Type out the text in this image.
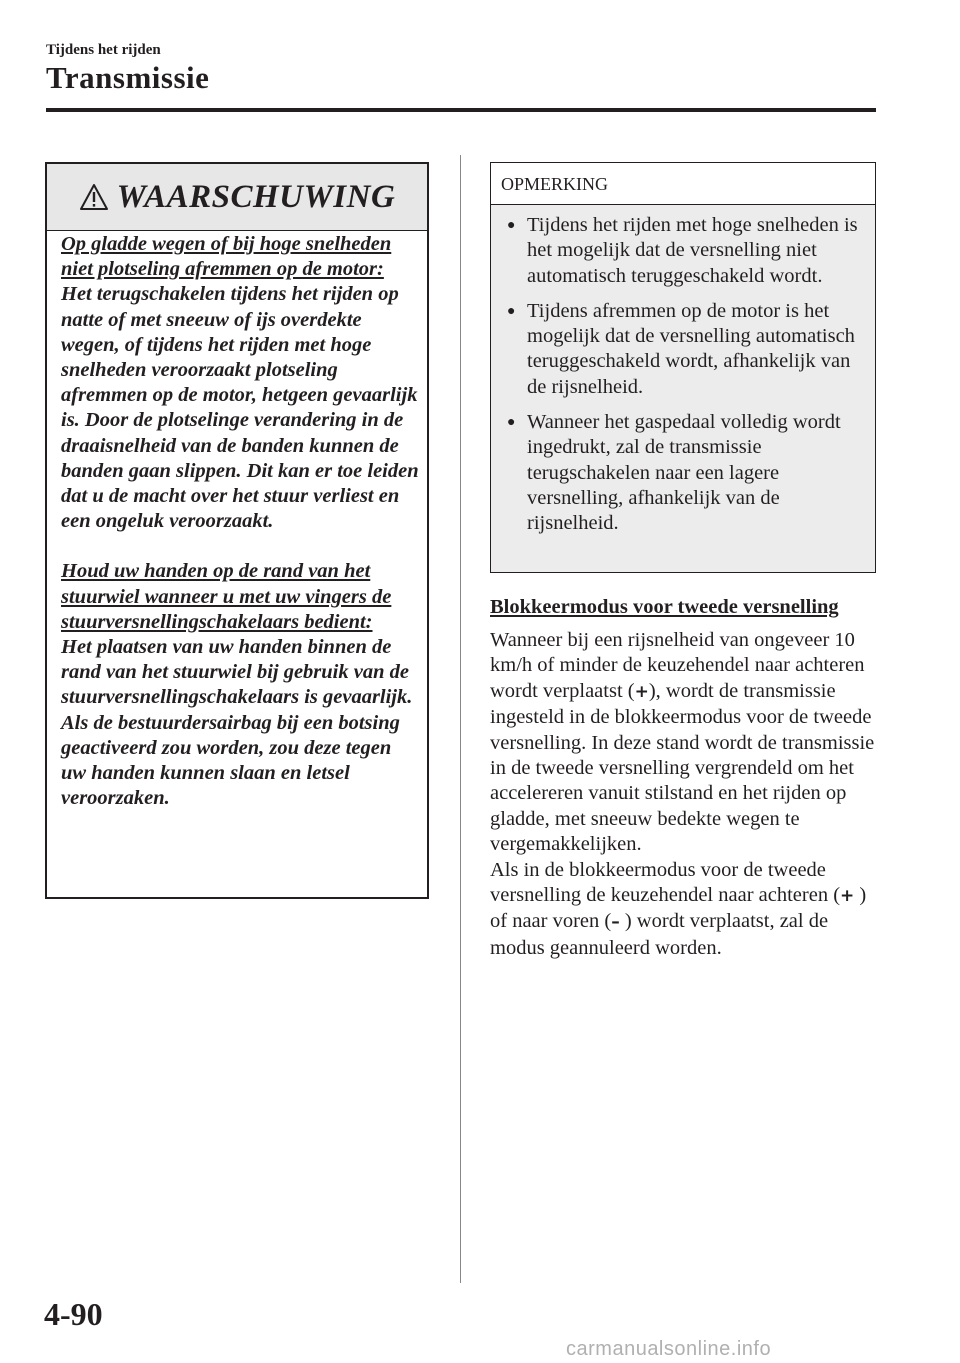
Tijdens het rijden
Transmissie
WAARSCHUWING

Op gladde wegen of bij hoge snelheden niet plotseling afremmen op de motor:

Het terugschakelen tijdens het rijden op natte of met sneeuw of ijs overdekte wegen, of tijdens het rijden met hoge snelheden veroorzaakt plotseling afremmen op de motor, hetgeen gevaarlijk is. Door de plotselinge verandering in de draaisnelheid van de banden kunnen de banden gaan slippen. Dit kan er toe leiden dat u de macht over het stuur verliest en een ongeluk veroorzaakt.

Houd uw handen op de rand van het stuurwiel wanneer u met uw vingers de stuurversnellingschakelaars bedient:

Het plaatsen van uw handen binnen de rand van het stuurwiel bij gebruik van de stuurversnellingschakelaars is gevaarlijk. Als de bestuurdersairbag bij een botsing geactiveerd zou worden, zou deze tegen uw handen kunnen slaan en letsel veroorzaken.

OPMERKING
● Tijdens het rijden met hoge snelheden is het mogelijk dat de versnelling niet automatisch teruggeschakeld wordt.
● Tijdens afremmen op de motor is het mogelijk dat de versnelling automatisch teruggeschakeld wordt, afhankelijk van de rijsnelheid.
● Wanneer het gaspedaal volledig wordt ingedrukt, zal de transmissie terugschakelen naar een lagere versnelling, afhankelijk van de rijsnelheid.
Blokkeermodus voor tweede versnelling

Wanneer bij een rijsnelheid van ongeveer 10 km/h of minder de keuzehendel naar achteren wordt verplaatst (+), wordt de transmissie ingesteld in de blokkeermodus voor de tweede versnelling. In deze stand wordt de transmissie in de tweede versnelling vergrendeld om het accelereren vanuit stilstand en het rijden op gladde, met sneeuw bedekte wegen te vergemakkelijken.

Als in de blokkeermodus voor de tweede versnelling de keuzehendel naar achteren (+ ) of naar voren (– ) wordt verplaatst, zal de modus geannuleerd worden.

4-90
carmanualsonline.info
